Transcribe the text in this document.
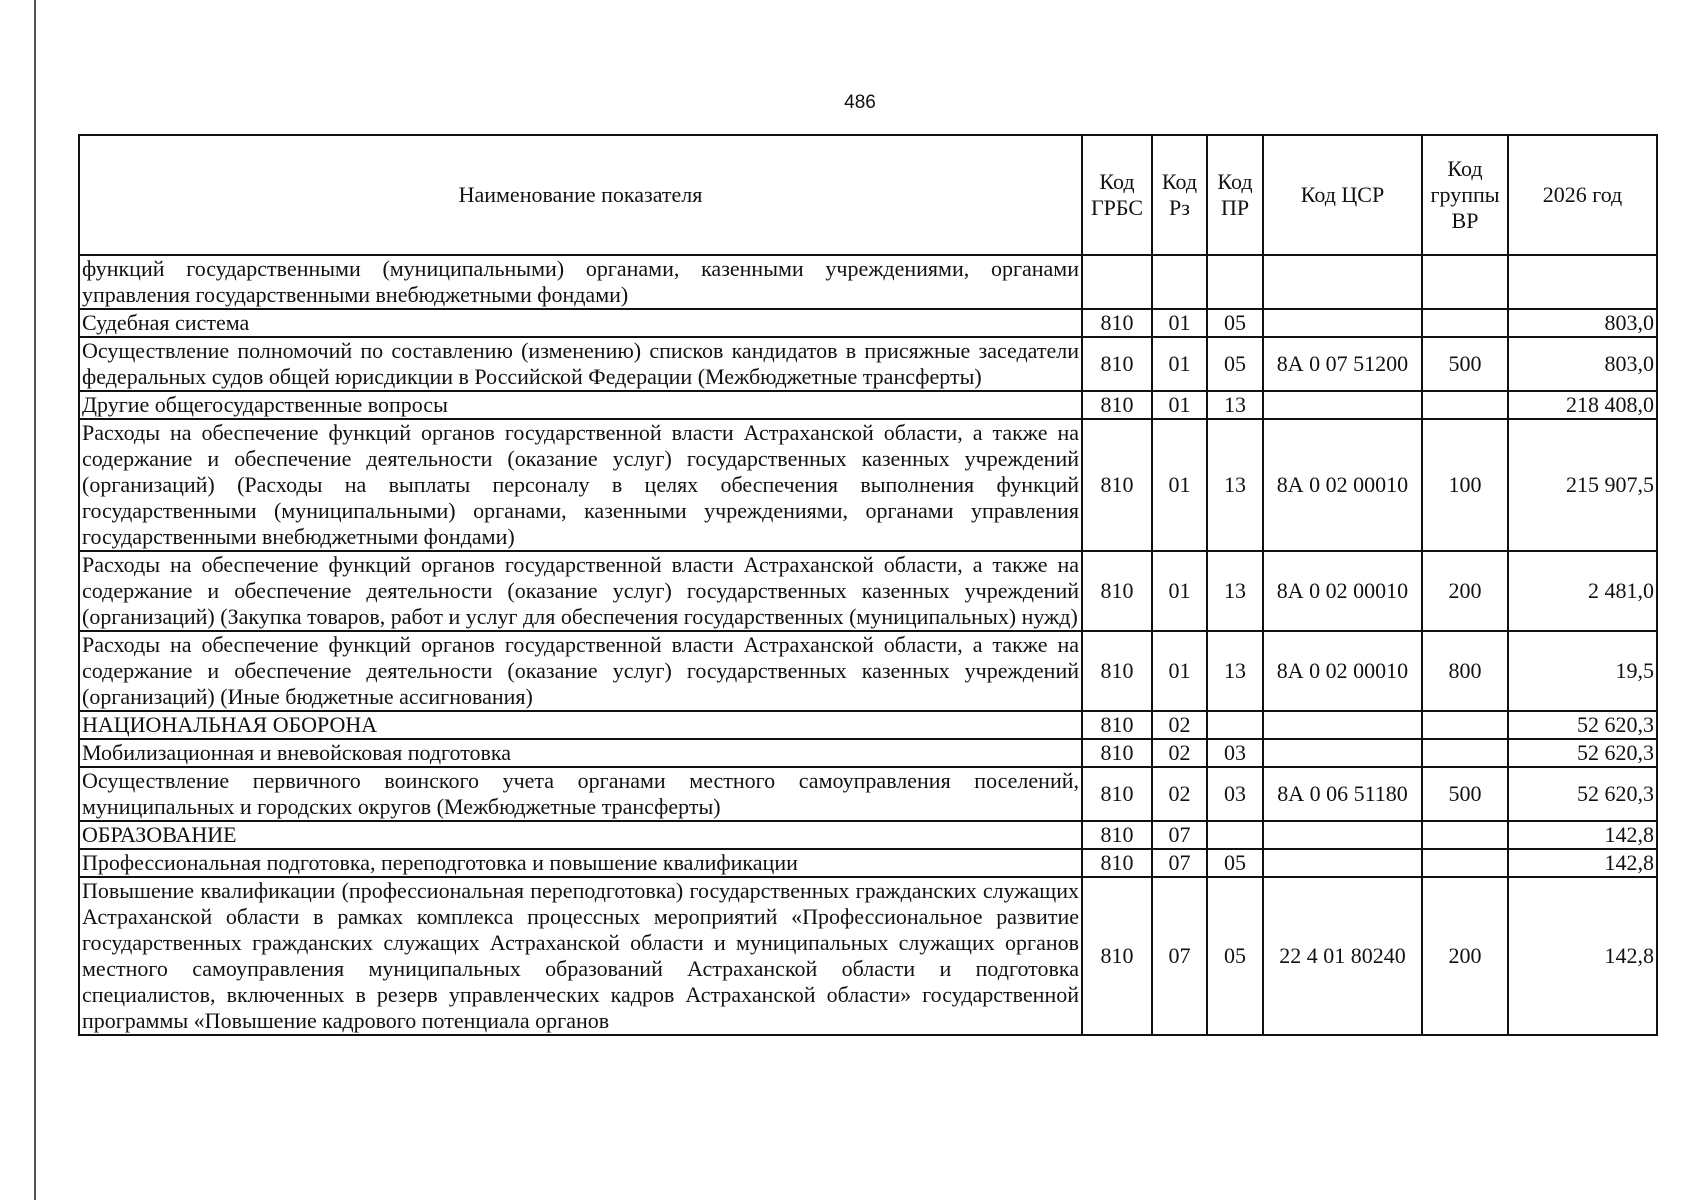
486
Наименование показателя	Код ГРБС	Код Рз	Код ПР	Код ЦСР	Код группы ВР	2026 год
функций государственными (муниципальными) органами, казенными учреждениями, органами управления государственными внебюджетными фондами)						
Судебная система	810	01	05			803,0
Осуществление полномочий по составлению (изменению) списков кандидатов в присяжные заседатели федеральных судов общей юрисдикции в Российской Федерации (Межбюджетные трансферты)	810	01	05	8А 0 07 51200	500	803,0
Другие общегосударственные вопросы	810	01	13			218 408,0
Расходы на обеспечение функций органов государственной власти Астраханской области, а также на содержание и обеспечение деятельности (оказание услуг) государственных казенных учреждений (организаций) (Расходы на выплаты персоналу в целях обеспечения выполнения функций государственными (муниципальными) органами, казенными учреждениями, органами управления государственными внебюджетными фондами)	810	01	13	8А 0 02 00010	100	215 907,5
Расходы на обеспечение функций органов государственной власти Астраханской области, а также на содержание и обеспечение деятельности (оказание услуг) государственных казенных учреждений (организаций) (Закупка товаров, работ и услуг для обеспечения государственных (муниципальных) нужд)	810	01	13	8А 0 02 00010	200	2 481,0
Расходы на обеспечение функций органов государственной власти Астраханской области, а также на содержание и обеспечение деятельности (оказание услуг) государственных казенных учреждений (организаций) (Иные бюджетные ассигнования)	810	01	13	8А 0 02 00010	800	19,5
НАЦИОНАЛЬНАЯ ОБОРОНА	810	02				52 620,3
Мобилизационная и вневойсковая подготовка	810	02	03			52 620,3
Осуществление первичного воинского учета органами местного самоуправления поселений, муниципальных и городских округов (Межбюджетные трансферты)	810	02	03	8А 0 06 51180	500	52 620,3
ОБРАЗОВАНИЕ	810	07				142,8
Профессиональная подготовка, переподготовка и повышение квалификации	810	07	05			142,8
Повышение квалификации (профессиональная переподготовка) государственных гражданских служащих Астраханской области в рамках комплекса процессных мероприятий «Профессиональное развитие государственных гражданских служащих Астраханской области и муниципальных служащих органов местного самоуправления муниципальных образований Астраханской области и подготовка специалистов, включенных в резерв управленческих кадров Астраханской области» государственной программы «Повышение кадрового потенциала органов	810	07	05	22 4 01 80240	200	142,8
